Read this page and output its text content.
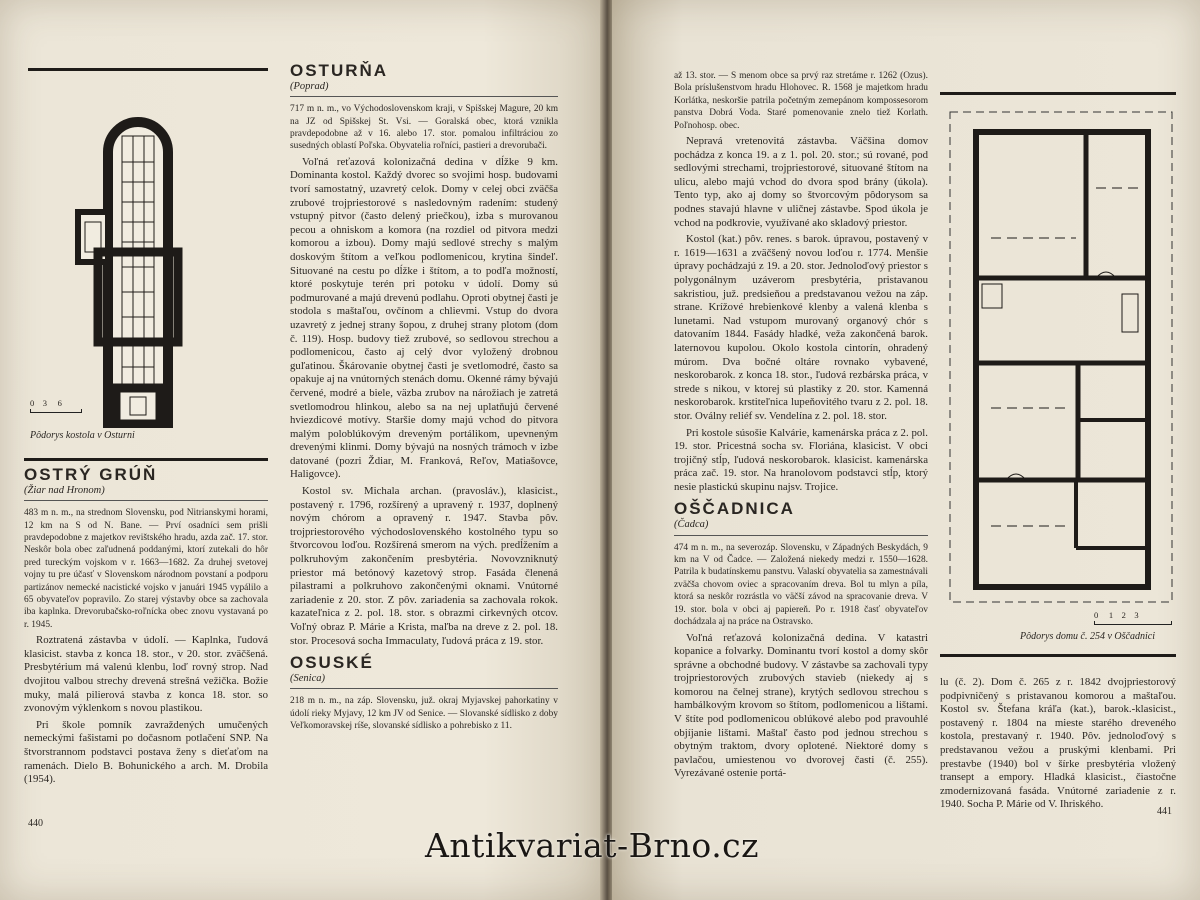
0 3 6
Pôdorys kostola v Osturni
OSTRÝ GRÚŇ
(Žiar nad Hronom)

483 m n. m., na strednom Slovensku, pod Nitrianskymi horami, 12 km na S od N. Bane. — Prví osadníci sem prišli pravdepodobne z majetkov revištského hradu, azda zač. 17. stor. Neskôr bola obec zaľudnená poddanými, ktorí zutekali do hôr pred tureckým vojskom v r. 1663—1682. Za druhej svetovej vojny tu pre účasť v Slovenskom národnom povstaní a podporu partizánov nemecké nacistické vojsko v januári 1945 vypálilo a 65 obyvateľov popravilo. Zo starej výstavby obce sa zachovala iba kaplnka. Drevorubačsko-roľnícka obec znovu vystavaná po r. 1945.

Roztratená zástavba v údolí. — Kaplnka, ľudová klasicist. stavba z konca 18. stor., v 20. stor. zväčšená. Presbytérium má valenú klenbu, loď rovný strop. Nad dvojitou valbou strechy drevená strešná vežička. Božie muky, malá pilierová stavba z konca 18. stor. so zvonovým výklenkom s novou plastikou.

Pri škole pomník zavraždených umučených nemeckými fašistami po dočasnom potlačení SNP. Na štvorstrannom podstavci postava ženy s dieťaťom na ramenách. Dielo B. Bohunického a arch. M. Drobila (1954).

OSTURŇA
(Poprad)

717 m n. m., vo Východoslovenskom kraji, v Spišskej Magure, 20 km na JZ od Spišskej St. Vsi. — Goralská obec, ktorá vznikla pravdepodobne až v 16. alebo 17. stor. pomalou infiltráciou zo susedných oblastí Poľska. Obyvatelia roľníci, pastieri a drevorubači.

Voľná reťazová kolonizačná dedina v dĺžke 9 km. Dominanta kostol. Každý dvorec so svojimi hosp. budovami tvorí samostatný, uzavretý celok. Domy v celej obci zväčša zrubové trojpriestorové s nasledovným radením: studený vstupný pitvor (často delený priečkou), izba s murovanou pecou a ohniskom a komora (na rozdiel od pitvora medzi komorou a izbou). Domy majú sedlové strechy s malým doskovým štítom a veľkou podlomenicou, krytina šindeľ. Situované na cestu po dĺžke i štítom, a to podľa možností, ktoré poskytuje terén pri potoku v údolí. Domy sú podmurované a majú drevenú podlahu. Oproti obytnej časti je stodola s maštaľou, ovčínom a chlievmi. Vstup do dvora uzavretý z jednej strany šopou, z druhej strany plotom (dom č. 119). Hosp. budovy tiež zrubové, so sedlovou strechou a podlomenicou, často aj celý dvor vyložený drobnou guľatinou. Škárovanie obytnej časti je svetlomodré, často sa opakuje aj na vnútorných stenách domu. Okenné rámy bývajú červené, modré a biele, väzba zrubov na nárožiach je zatretá svetlomodrou hlinkou, alebo sa na nej uplatňujú červené hviezdicové motívy. Staršie domy majú vchod do pitvora malým poloblúkovým dreveným portálikom, upevneným drevenými klinmi. Domy bývajú na nosných trámoch v izbe datované (pozri Ždiar, M. Franková, Reľov, Matiašovce, Haligovce).

Kostol sv. Michala archan. (pravosláv.), klasicist., postavený r. 1796, rozšírený a upravený r. 1937, doplnený novým chórom a opravený r. 1947. Stavba pôv. trojpriestorového východoslovenského kostolného typu so štvorcovou loďou. Rozšírená smerom na vých. predĺžením a polkruhovým zakončením presbytéria. Novovzniknutý priestor má betónový kazetový strop. Fasáda členená pilastrami a polkruhovo zakončenými oknami. Vnútorné zariadenie z 20. stor. Z pôv. zariadenia sa zachovala rokok. kazateľnica z 2. pol. 18. stor. s obrazmi cirkevných otcov. Voľný obraz P. Márie a Krista, maľba na dreve z 2. pol. 18. stor. Procesová socha Immaculaty, ľudová práca z 19. stor.

OSUSKÉ
(Senica)

218 m n. m., na záp. Slovensku, juž. okraj Myjavskej pahorkatiny v údolí rieky Myjavy, 12 km JV od Senice. — Slovanské sídlisko z doby Veľkomoravskej ríše, slovanské sídlisko a pohrebisko z 11.

440

až 13. stor. — S menom obce sa prvý raz stretáme r. 1262 (Ozus). Bola príslušenstvom hradu Hlohovec. R. 1568 je majetkom hradu Korlátka, neskoršie patrila početným zemepánom kompossesorom panstva Dobrá Voda. Staré pomenovanie znelo tiež Korlath. Poľnohosp. obec.

Nepravá vretenovitá zástavba. Väčšina domov pochádza z konca 19. a z 1. pol. 20. stor.; sú rované, pod sedlovými strechami, trojpriestorové, situované štítom na ulicu, alebo majú vchod do dvora spod brány (úkola). Tento typ, ako aj domy so štvorcovým pôdorysom sa podnes stavajú hlavne v uličnej zástavbe. Spod úkola je vchod na podkrovie, využívané ako skladový priestor.

Kostol (kat.) pôv. renes. s barok. úpravou, postavený v r. 1619—1631 a zväčšený novou loďou r. 1774. Menšie úpravy pochádzajú z 19. a 20. stor. Jednoloďový priestor s polygonálnym uzáverom presbytéria, pristavanou sakristiou, juž. predsieňou a predstavanou vežou na záp. strane. Krížové hrebienkové klenby a valená klenba s lunetami. Nad vstupom murovaný organový chór s datovaním 1844. Fasády hladké, veža zakončená barok. laternovou kupolou. Okolo kostola cintorín, ohradený múrom. Dva bočné oltáre rovnako vybavené, neskorobarok. z konca 18. stor., ľudová rezbárska práca, v strede s nikou, v ktorej sú plastiky z 20. stor. Kamenná neskorobarok. krstiteľnica lupeňovitého tvaru z 2. pol. 18. stor. Oválny reliéf sv. Vendelína z 2. pol. 18. stor.

Pri kostole súsošie Kalvárie, kamenárska práca z 2. pol. 19. stor. Pricestná socha sv. Floriána, klasicist. V obci trojičný stĺp, ľudová neskorobarok. klasicist. kamenárska práca zač. 19. stor. Na hranolovom podstavci stĺp, ktorý nesie plastickú skupinu najsv. Trojice.

OŠČADNICA
(Čadca)

474 m n. m., na severozáp. Slovensku, v Západných Beskydách, 9 km na V od Čadce. — Založená niekedy medzi r. 1550—1628. Patrila k budatínskemu panstvu. Valaskí obyvatelia sa zamestnávali zväčša chovom oviec a spracovaním dreva. Bol tu mlyn a píla, ktorá sa neskôr rozrástla vo väčší závod na spracovanie dreva. V 19. stor. bola v obci aj papiereň. Po r. 1918 časť obyvateľov dochádzala aj na práce na Ostravsko.

Voľná reťazová kolonizačná dedina. V katastri kopanice a folvarky. Dominantu tvorí kostol a domy skôr správne a obchodné budovy. V zástavbe sa zachovali typy trojpriestorových zrubových stavieb (niekedy aj s komorou na čelnej strane), krytých sedlovou strechou s hambálkovým krovom so štítom, podlomenicou a lištami. V štíte pod podlomenicou oblúkové alebo pod pravouhlé objíjanie lištami. Maštaľ často pod jednou strechou s obytným traktom, dvory oplotené. Niektoré domy s pavlačou, umiestenou vo dvorovej časti (č. 255). Vyrezávané ostenie portá-

0 1 2 3
Pôdorys domu č. 254 v Oščadnici

lu (č. 2). Dom č. 265 z r. 1842 dvojpriestorový podpivničený s pristavanou komorou a maštaľou. Kostol sv. Štefana kráľa (kat.), barok.-klasicist., postavený r. 1804 na mieste starého dreveného kostola, prestavaný r. 1940. Pôv. jednoloďový s predstavanou vežou a pruskými klenbami. Pri prestavbe (1940) bol v šírke presbytéria vložený transept a empory. Hladká klasicist., čiastočne zmodernizovaná fasáda. Vnútorné zariadenie z r. 1940. Socha P. Márie od V. Ihriského.

441
Antikvariat-Brno.cz
